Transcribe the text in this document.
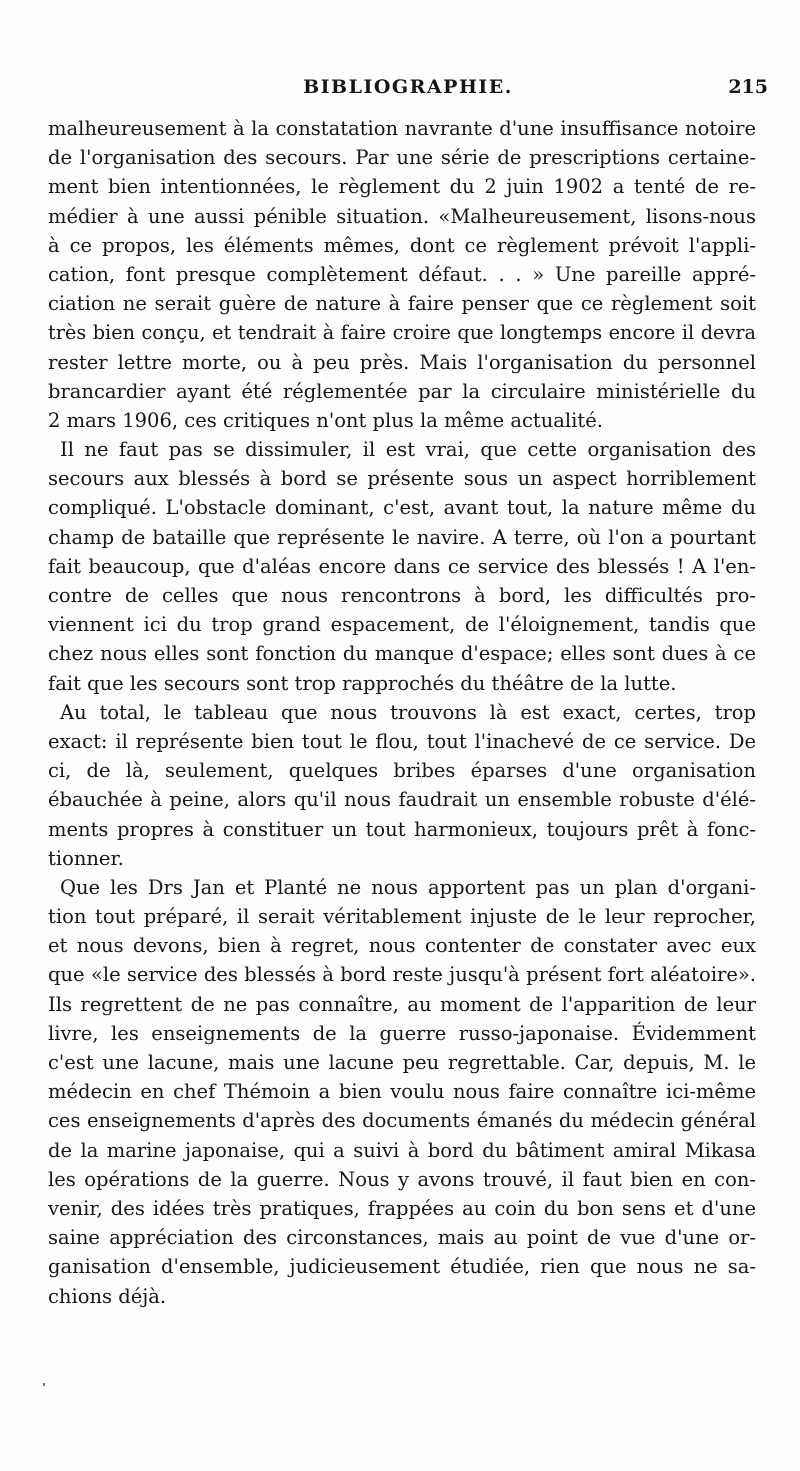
BIBLIOGRAPHIE.	215
malheureusement à la constatation navrante d'une insuffisance notoire
de l'organisation des secours. Par une série de prescriptions certaine-
ment bien intentionnées, le règlement du 2 juin 1902 a tenté de re-
médier à une aussi pénible situation. «Malheureusement, lisons-nous
à ce propos, les éléments mêmes, dont ce règlement prévoit l'appli-
cation, font presque complètement défaut. . . » Une pareille appré-
ciation ne serait guère de nature à faire penser que ce règlement soit
très bien conçu, et tendrait à faire croire que longtemps encore il devra
rester lettre morte, ou à peu près. Mais l'organisation du personnel
brancardier ayant été réglementée par la circulaire ministérielle du
2 mars 1906, ces critiques n'ont plus la même actualité.
Il ne faut pas se dissimuler, il est vrai, que cette organisation des
secours aux blessés à bord se présente sous un aspect horriblement
compliqué. L'obstacle dominant, c'est, avant tout, la nature même du
champ de bataille que représente le navire. A terre, où l'on a pourtant
fait beaucoup, que d'aléas encore dans ce service des blessés ! A l'en-
contre de celles que nous rencontrons à bord, les difficultés pro-
viennent ici du trop grand espacement, de l'éloignement, tandis que
chez nous elles sont fonction du manque d'espace; elles sont dues à ce
fait que les secours sont trop rapprochés du théâtre de la lutte.
Au total, le tableau que nous trouvons là est exact, certes, trop
exact: il représente bien tout le flou, tout l'inachevé de ce service. De
ci, de là, seulement, quelques bribes éparses d'une organisation
ébauchée à peine, alors qu'il nous faudrait un ensemble robuste d'élé-
ments propres à constituer un tout harmonieux, toujours prêt à fonc-
tionner.
Que les Drs Jan et Planté ne nous apportent pas un plan d'organi-
tion tout préparé, il serait véritablement injuste de le leur reprocher,
et nous devons, bien à regret, nous contenter de constater avec eux
que «le service des blessés à bord reste jusqu'à présent fort aléatoire».
Ils regrettent de ne pas connaître, au moment de l'apparition de leur
livre, les enseignements de la guerre russo-japonaise. Évidemment
c'est une lacune, mais une lacune peu regrettable. Car, depuis, M. le
médecin en chef Thémoin a bien voulu nous faire connaître ici-même
ces enseignements d'après des documents émanés du médecin général
de la marine japonaise, qui a suivi à bord du bâtiment amiral Mikasa
les opérations de la guerre. Nous y avons trouvé, il faut bien en con-
venir, des idées très pratiques, frappées au coin du bon sens et d'une
saine appréciation des circonstances, mais au point de vue d'une or-
ganisation d'ensemble, judicieusement étudiée, rien que nous ne sa-
chions déjà.
